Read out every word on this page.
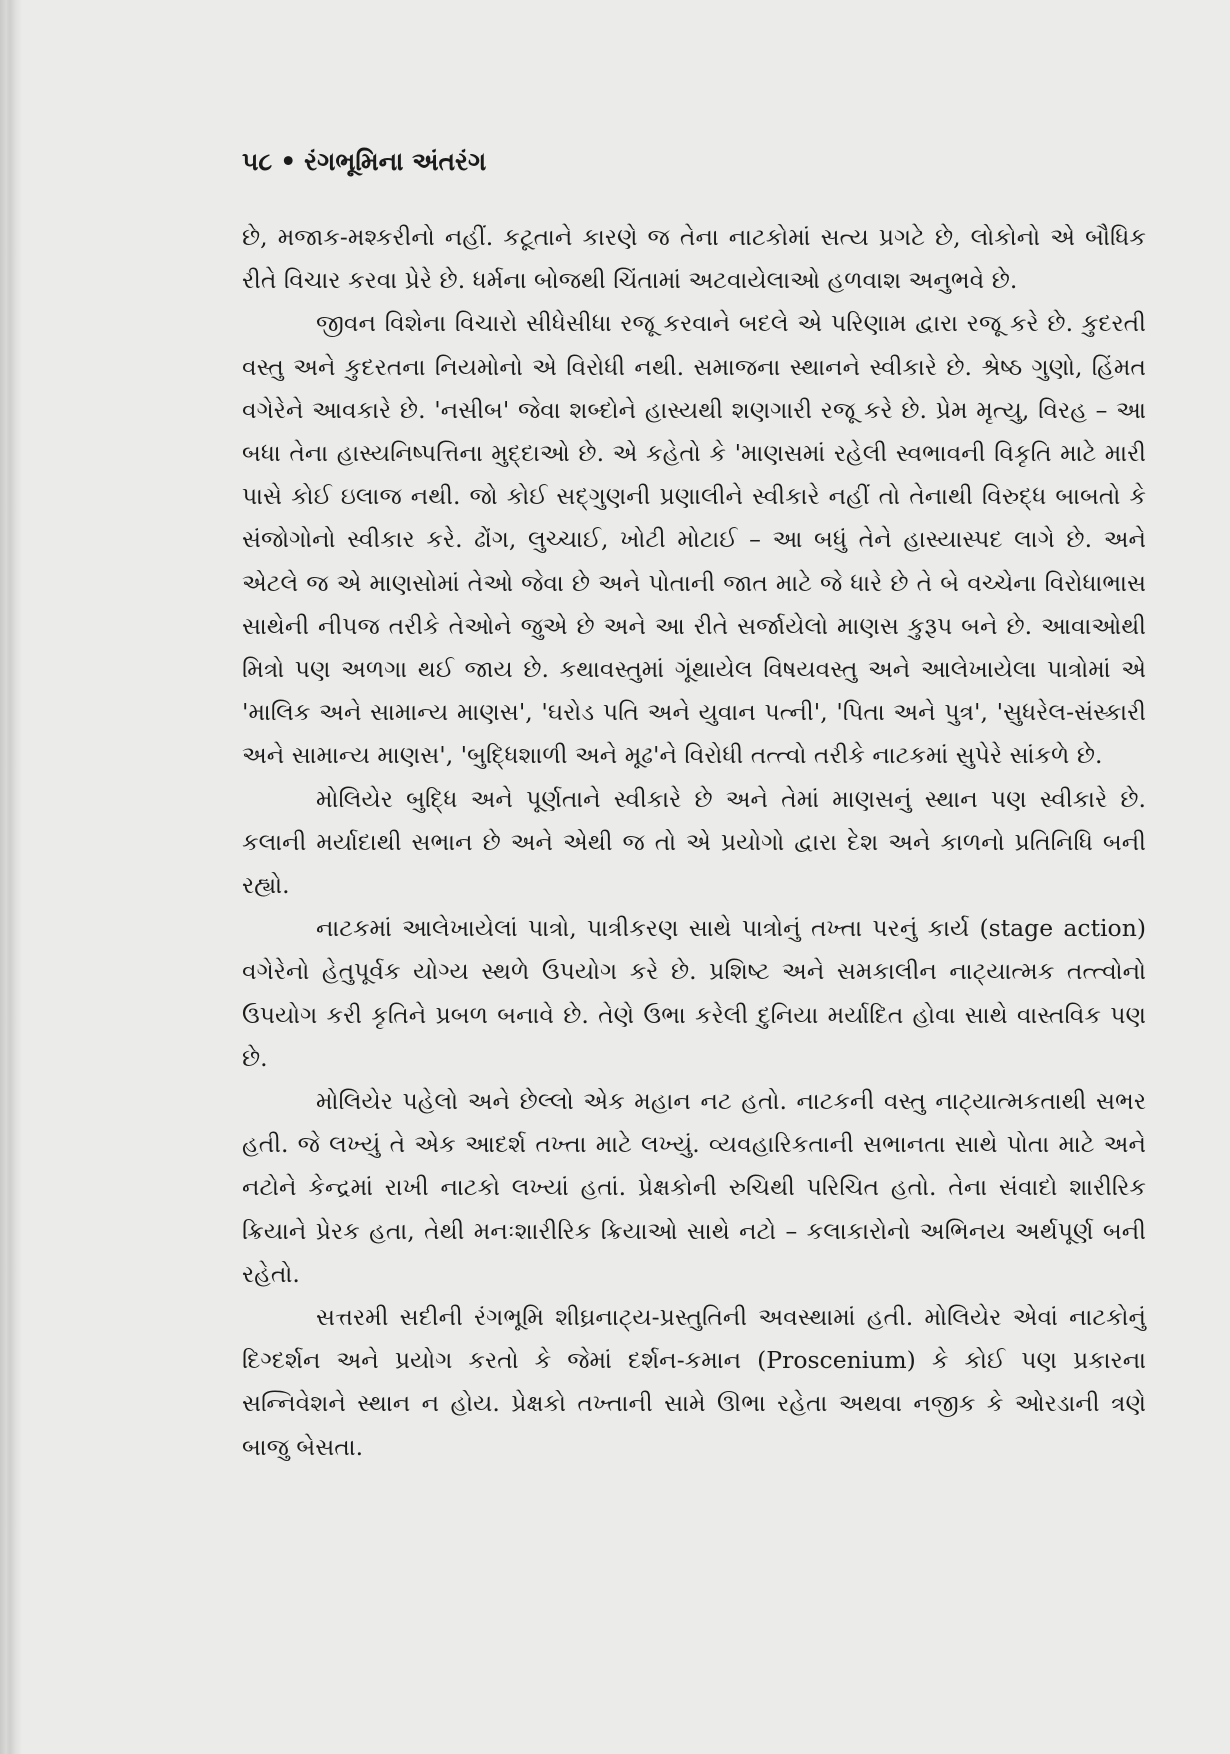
૫૮ • રંગભૂમિના અંતરંગ

છે, મજાક-મશ્કરીનો નહીં. કટૂતાને કારણે જ તેના નાટકોમાં સત્ય પ્રગટે છે, લોકોનો એ બૌધિક રીતે વિચાર કરવા પ્રેરે છે. ધર્મના બોજથી ચિંતામાં અટવાયેલાઓ હળવાશ અનુભવે છે.

જીવન વિશેના વિચારો સીધેસીધા રજૂ કરવાને બદલે એ પરિણામ દ્વારા રજૂ કરે છે. કુદરતી વસ્તુ અને કુદરતના નિયમોનો એ વિરોધી નથી. સમાજના સ્થાનને સ્વીકારે છે. શ્રેષ્ઠ ગુણો, હિંમત વગેરેને આવકારે છે. 'નસીબ' જેવા શબ્દોને હાસ્યથી શણગારી રજૂ કરે છે. પ્રેમ મૃત્યુ, વિરહ – આ બધા તેના હાસ્યનિષ્પત્તિના મુદ્દાઓ છે. એ કહેતો કે 'માણસમાં રહેલી સ્વભાવની વિકૃતિ માટે મારી પાસે કોઈ ઇલાજ નથી. જો કોઈ સદ્ગુણની પ્રણાલીને સ્વીકારે નહીં તો તેનાથી વિરુદ્ધ બાબતો કે સંજોગોનો સ્વીકાર કરે. ઢોંગ, લુચ્ચાઈ, ખોટી મોટાઈ – આ બધું તેને હાસ્યાસ્પદ લાગે છે. અને એટલે જ એ માણસોમાં તેઓ જેવા છે અને પોતાની જાત માટે જે ધારે છે તે બે વચ્ચેના વિરોધાભાસ સાથેની નીપજ તરીકે તેઓને જુએ છે અને આ રીતે સર્જાયેલો માણસ કુરૂપ બને છે. આવાઓથી મિત્રો પણ અળગા થઈ જાય છે. કથાવસ્તુમાં ગૂંથાયેલ વિષયવસ્તુ અને આલેખાયેલા પાત્રોમાં એ 'માલિક અને સામાન્ય માણસ', 'ઘરોડ પતિ અને યુવાન પત્ની', 'પિતા અને પુત્ર', 'સુધરેલ-સંસ્કારી અને સામાન્ય માણસ', 'બુદ્ધિશાળી અને મૂઢ'ને વિરોધી તત્ત્વો તરીકે નાટકમાં સુપેરે સાંકળે છે.

મોલિયેર બુદ્ધિ અને પૂર્ણતાને સ્વીકારે છે અને તેમાં માણસનું સ્થાન પણ સ્વીકારે છે. કલાની મર્યાદાથી સભાન છે અને એથી જ તો એ પ્રયોગો દ્વારા દેશ અને કાળનો પ્રતિનિધિ બની રહ્યો.

નાટકમાં આલેખાયેલાં પાત્રો, પાત્રીકરણ સાથે પાત્રોનું તખ્તા પરનું કાર્ય (stage action) વગેરેનો હેતુપૂર્વક યોગ્ય સ્થળે ઉપયોગ કરે છે. પ્રશિષ્ટ અને સમકાલીન નાટ્યાત્મક તત્ત્વોનો ઉપયોગ કરી કૃતિને પ્રબળ બનાવે છે. તેણે ઉભા કરેલી દુનિયા મર્યાદિત હોવા સાથે વાસ્તવિક પણ છે.

મોલિયેર પહેલો અને છેલ્લો એક મહાન નટ હતો. નાટકની વસ્તુ નાટ્યાત્મકતાથી સભર હતી. જે લખ્યું તે એક આદર્શ તખ્તા માટે લખ્યું. વ્યવહારિકતાની સભાનતા સાથે પોતા માટે અને નટોને કેન્દ્રમાં રાખી નાટકો લખ્યાં હતાં. પ્રેક્ષકોની રુચિથી પરિચિત હતો. તેના સંવાદો શારીરિક ક્રિયાને પ્રેરક હતા, તેથી મનઃશારીરિક ક્રિયાઓ સાથે નટો – કલાકારોનો અભિનય અર્થપૂર્ણ બની રહેતો.

સત્તરમી સદીની રંગભૂમિ શીઘ્રનાટ્ય-પ્રસ્તુતિની અવસ્થામાં હતી. મોલિયેર એવાં નાટકોનું દિગ્દર્શન અને પ્રયોગ કરતો કે જેમાં દર્શન-કમાન (Proscenium) કે કોઈ પણ પ્રકારના સન્નિવેશને સ્થાન ન હોય. પ્રેક્ષકો તખ્તાની સામે ઊભા રહેતા અથવા નજીક કે ઓરડાની ત્રણે બાજુ બેસતા.
